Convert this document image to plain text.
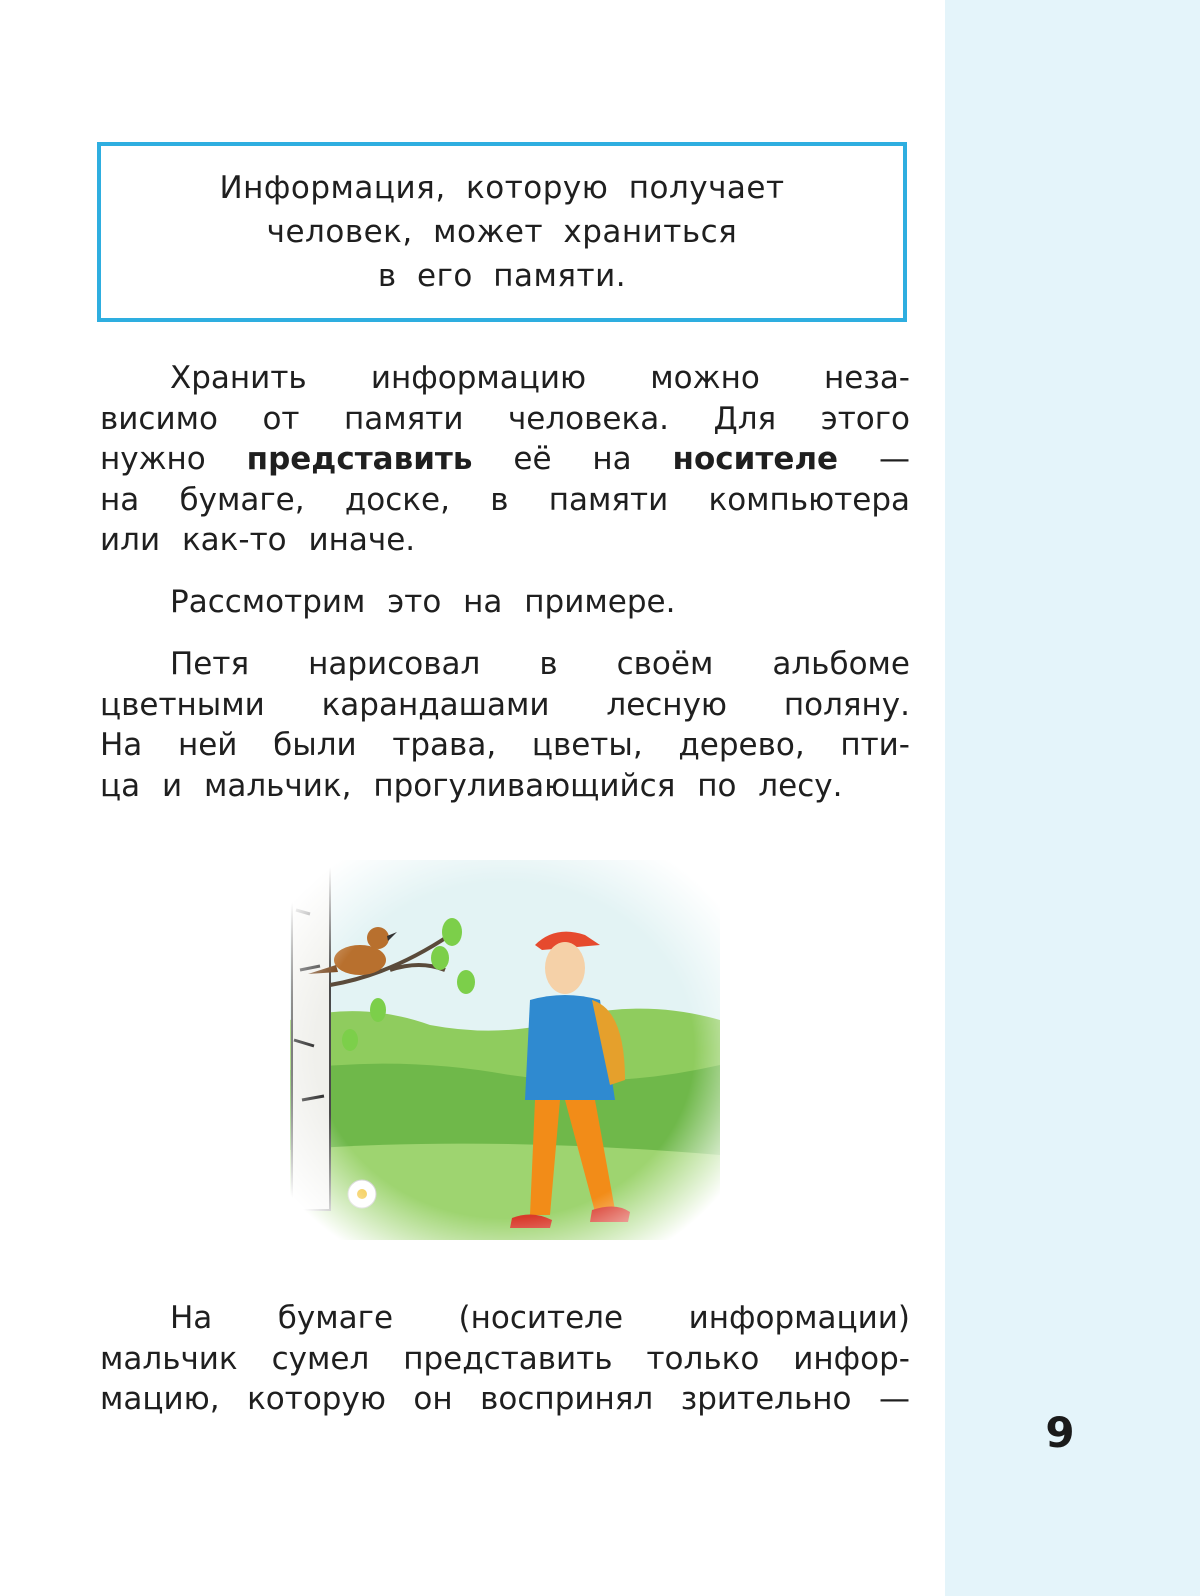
9
Информация, которую получает
человек, может храниться
в его памяти.
Хранить информацию можно неза-
висимо от памяти человека. Для этого
нужно представить её на носителе —
на бумаге, доске, в памяти компьютера
или как-то иначе.
Рассмотрим это на примере.
Петя нарисовал в своём альбоме
цветными карандашами лесную поляну.
На ней были трава, цветы, дерево, пти-
ца и мальчик, прогуливающийся по лесу.
На бумаге (носителе информации)
мальчик сумел представить только инфор-
мацию, которую он воспринял зрительно —
